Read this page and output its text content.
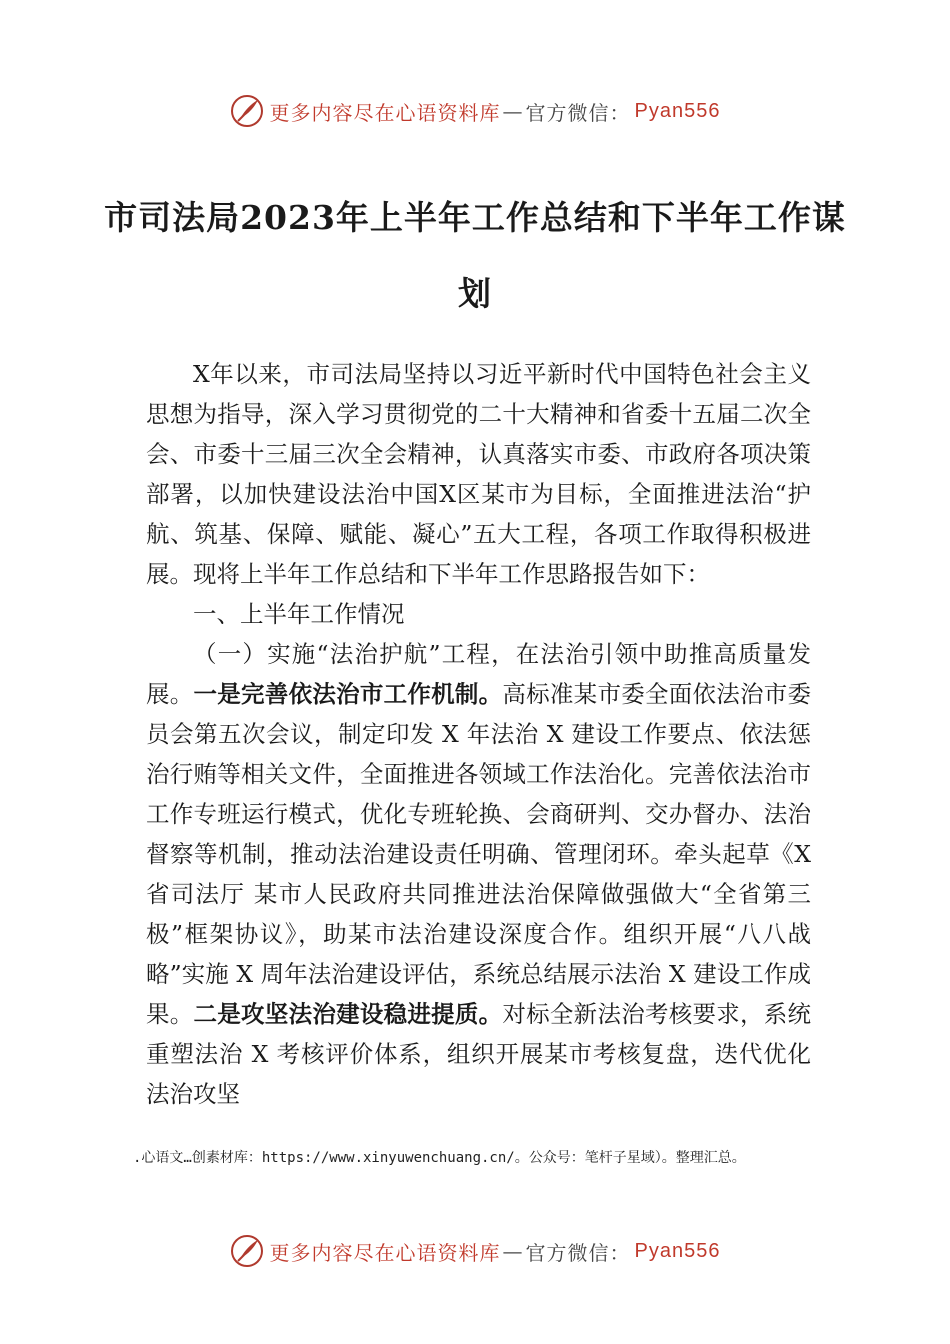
更多内容尽在心语资料库 — 官方微信： Pyan556
市司法局2023年上半年工作总结和下半年工作谋划

X年以来，市司法局坚持以习近平新时代中国特色社会主义思想为指导，深入学习贯彻党的二十大精神和省委十五届二次全会、市委十三届三次全会精神，认真落实市委、市政府各项决策部署，以加快建设法治中国X区某市为目标，全面推进法治“护航、筑基、保障、赋能、凝心”五大工程，各项工作取得积极进展。现将上半年工作总结和下半年工作思路报告如下：

一、上半年工作情况

（一）实施“法治护航”工程，在法治引领中助推高质量发展。一是完善依法治市工作机制。高标准某市委全面依法治市委员会第五次会议，制定印发 X 年法治 X 建设工作要点、依法惩治行贿等相关文件，全面推进各领域工作法治化。完善依法治市工作专班运行模式，优化专班轮换、会商研判、交办督办、法治督察等机制，推动法治建设责任明确、管理闭环。牵头起草《X省司法厅 某市人民政府共同推进法治保障做强做大“全省第三极”框架协议》，助某市法治建设深度合作。组织开展“八八战略”实施 X 周年法治建设评估，系统总结展示法治 X 建设工作成果。二是攻坚法治建设稳进提质。对标全新法治考核要求，系统重塑法治 X 考核评价体系，组织开展某市考核复盘，迭代优化法治攻坚

.心语文…创素材库：https://www.xinyuwenchuang.cn/。公众号：笔杆子星域）。整理汇总。
更多内容尽在心语资料库 — 官方微信： Pyan556
